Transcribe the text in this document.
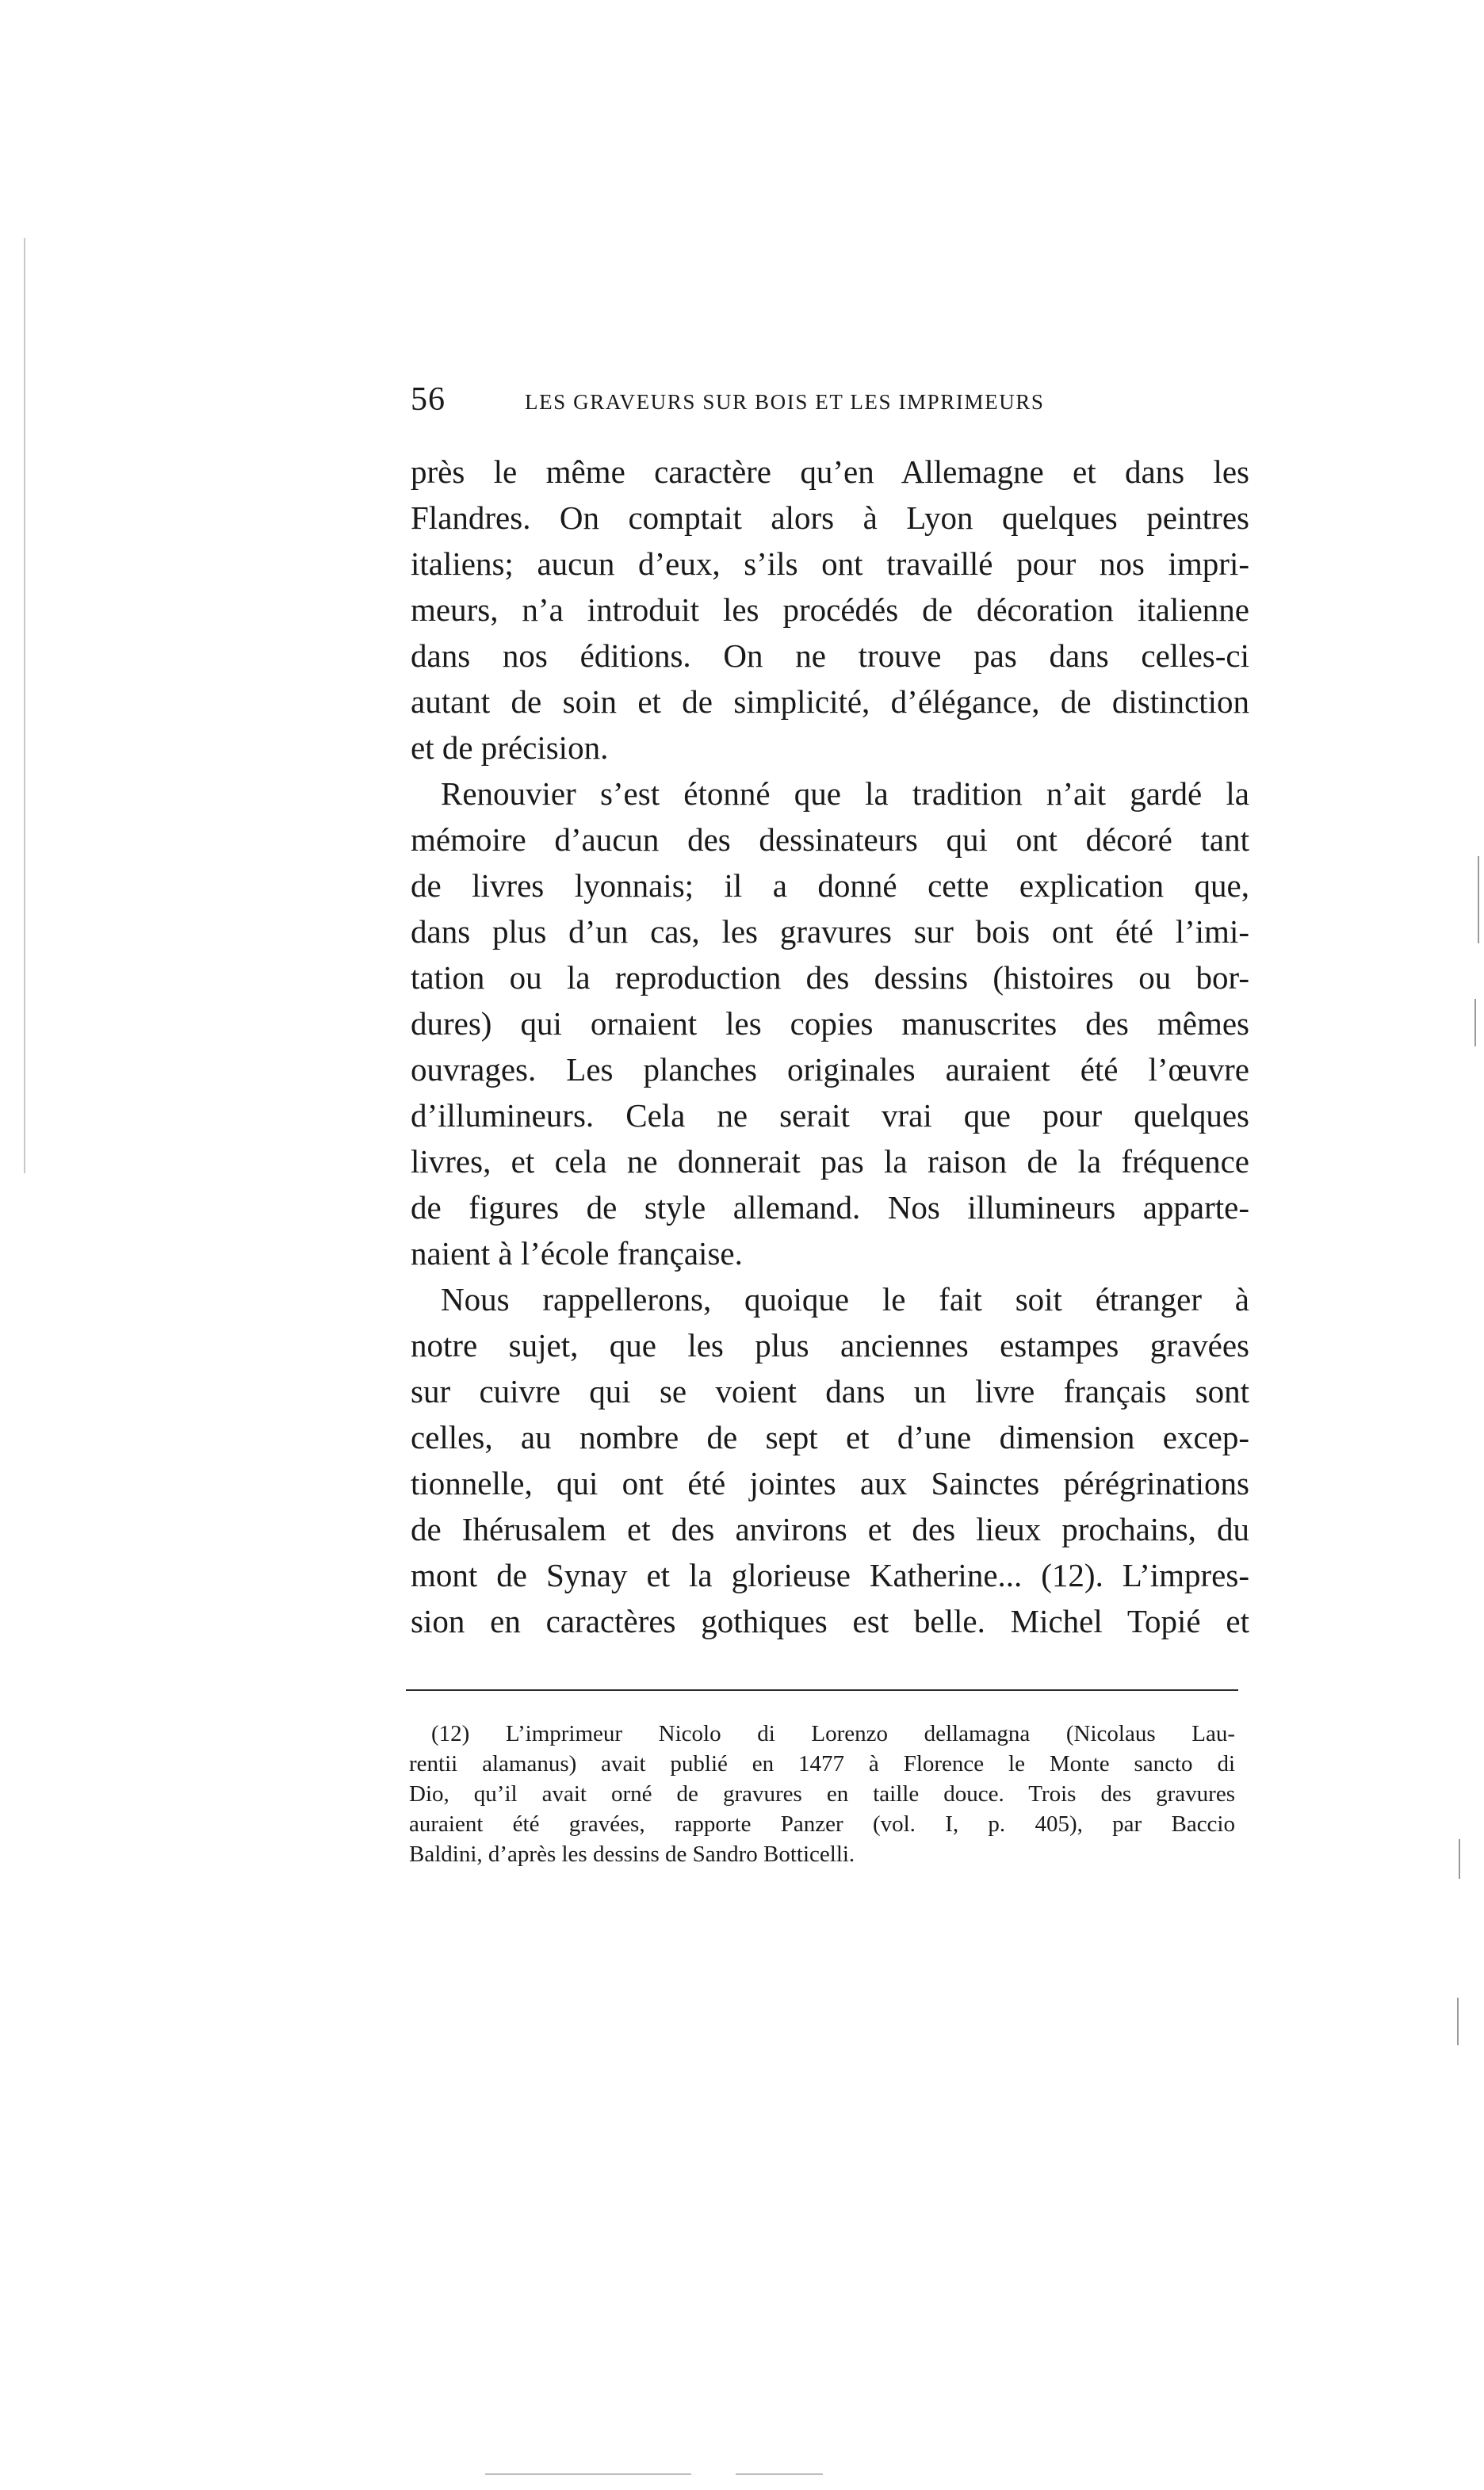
56	LES GRAVEURS SUR BOIS ET LES IMPRIMEURS
près le même caractère qu’en Allemagne et dans les
Flandres. On comptait alors à Lyon quelques peintres
italiens; aucun d’eux, s’ils ont travaillé pour nos impri-
meurs, n’a introduit les procédés de décoration italienne
dans nos éditions. On ne trouve pas dans celles-ci
autant de soin et de simplicité, d’élégance, de distinction
et de précision.
Renouvier s’est étonné que la tradition n’ait gardé la
mémoire d’aucun des dessinateurs qui ont décoré tant
de livres lyonnais; il a donné cette explication que,
dans plus d’un cas, les gravures sur bois ont été l’imi-
tation ou la reproduction des dessins (histoires ou bor-
dures) qui ornaient les copies manuscrites des mêmes
ouvrages. Les planches originales auraient été l’œuvre
d’illumineurs. Cela ne serait vrai que pour quelques
livres, et cela ne donnerait pas la raison de la fréquence
de figures de style allemand. Nos illumineurs apparte-
naient à l’école française.
Nous rappellerons, quoique le fait soit étranger à
notre sujet, que les plus anciennes estampes gravées
sur cuivre qui se voient dans un livre français sont
celles, au nombre de sept et d’une dimension excep-
tionnelle, qui ont été jointes aux Sainctes pérégrinations
de Ihérusalem et des anvirons et des lieux prochains, du
mont de Synay et la glorieuse Katherine... (12). L’impres-
sion en caractères gothiques est belle. Michel Topié et
(12) L’imprimeur Nicolo di Lorenzo dellamagna (Nicolaus Lau-
rentii alamanus) avait publié en 1477 à Florence le Monte sancto di
Dio, qu’il avait orné de gravures en taille douce. Trois des gravures
auraient été gravées, rapporte Panzer (vol. I, p. 405), par Baccio
Baldini, d’après les dessins de Sandro Botticelli.
